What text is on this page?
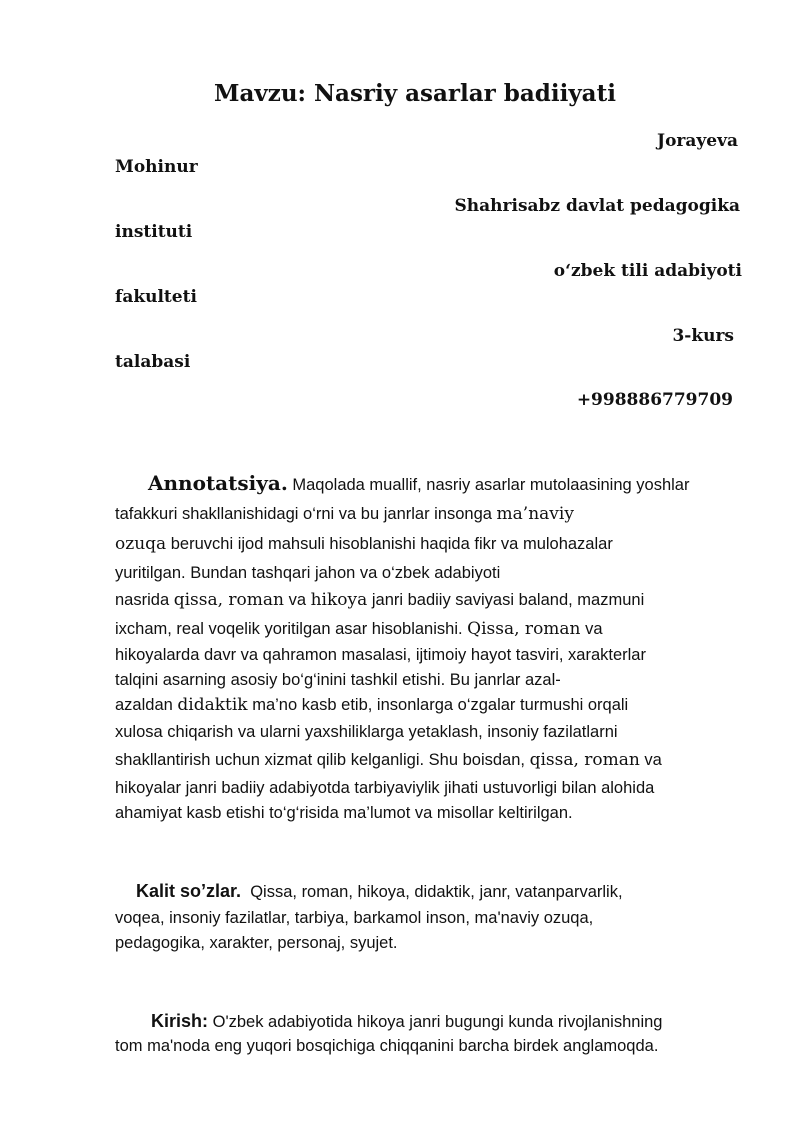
Mavzu: Nasriy asarlar badiiyati
Jorayeva
Mohinur
Shahrisabz davlat pedagogika
instituti
o‘zbek tili adabiyoti
fakulteti
3-kurs
talabasi
+998886779709
Annotatsiya. Maqolada muallif, nasriy asarlar mutolaasining yoshlar
tafakkuri shakllanishidagi o‘rni va bu janrlar insonga ma’naviy
ozuqa beruvchi ijod mahsuli hisoblanishi haqida fikr va mulohazalar
yuritilgan. Bundan tashqari jahon va o‘zbek adabiyoti
nasrida qissa, roman va hikoya janri badiiy saviyasi baland, mazmuni
ixcham, real voqelik yoritilgan asar hisoblanishi. Qissa, roman va
hikoyalarda davr va qahramon masalasi, ijtimoiy hayot tasviri, xarakterlar
talqini asarning asosiy bo‘g‘inini tashkil etishi. Bu janrlar azal-
azaldan didaktik ma’no kasb etib, insonlarga o‘zgalar turmushi orqali
xulosa chiqarish va ularni yaxshiliklarga yetaklash, insoniy fazilatlarni
shakllantirish uchun xizmat qilib kelganligi. Shu boisdan, qissa, roman va
hikoyalar janri badiiy adabiyotda tarbiyaviylik jihati ustuvorligi bilan alohida
ahamiyat kasb etishi to‘g‘risida ma’lumot va misollar keltirilgan.
Kalit so’zlar. Qissa, roman, hikoya, didaktik, janr, vatanparvarlik,
voqea, insoniy fazilatlar, tarbiya, barkamol inson, ma'naviy ozuqa,
pedagogika, xarakter, personaj, syujet.
Kirish: O'zbek adabiyotida hikoya janri bugungi kunda rivojlanishning
tom ma'noda eng yuqori bosqichiga chiqqanini barcha birdek anglamoqda.
